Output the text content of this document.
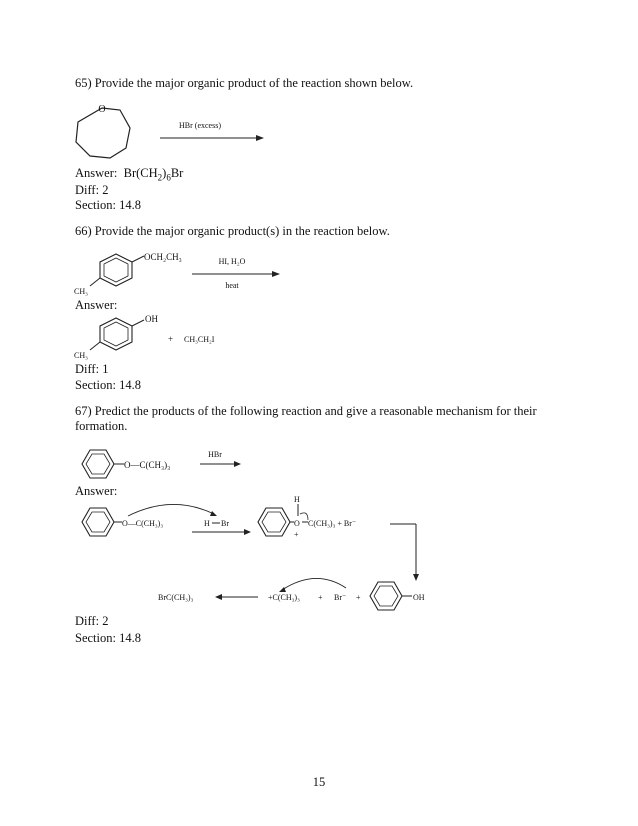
65) Provide the major organic product of the reaction shown below.
O
HBr (excess)
Answer: $Br(CH_2)_6Br$
Diff: 2
Section: 14.8
66) Provide the major organic product(s) in the reaction below.
OCH₂CH₃
CH₃
HI, H₂O
heat
Answer:
OH
CH₃
+ CH₃CH₂I
Diff: 1
Section: 14.8
67) Predict the products of the following reaction and give a reasonable mechanism for their formation.
O—C(CH₃)₃
HBr
Answer:
O—C(CH₃)₃	H Br
H
O
+
C(CH₃)₃ + Br⁻
BrC(CH₃)₃	+C(CH₃)₃ + Br⁻ +	OH
Diff: 2
Section: 14.8
15
